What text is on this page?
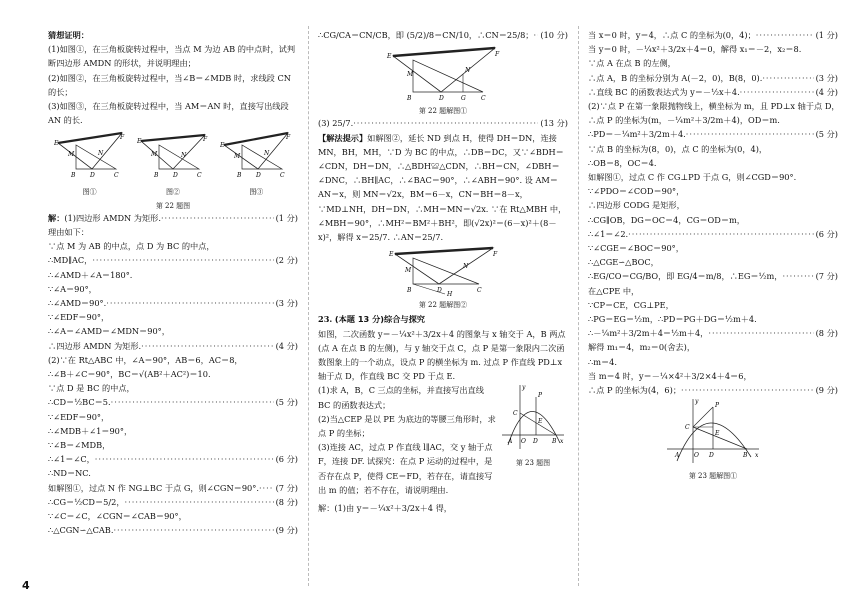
猜想证明：
(1)如图①，在三角板旋转过程中，当点 M 为边 AB 的中点时，试判断四边形 AMDN 的形状，并说明理由；
(2)如图②，在三角板旋转过程中，当∠B＝∠MDB 时，求线段 CN 的长；
(3)如图③，在三角板旋转过程中，当 AM＝AN 时，直接写出线段 AN 的长.
E
F
M	N
B D	C
图①
E	F
M	N
B D	C
图②
E
F
M	N
B D	C
图③
第 22 题图
解：(1)四边形 AMDN 为矩形. ·····	(1 分)
理由如下：
∵点 M 为 AB 的中点，点 D 为 BC 的中点，
∴MD∥AC， ·····	(2 分)
∴∠AMD＋∠A＝180°.
∵∠A＝90°，
∴∠AMD＝90°. ·····	(3 分)
∵∠EDF＝90°，
∴∠A＝∠AMD＝∠MDN＝90°，
∴四边形 AMDN 为矩形. ·····	(4 分)
(2)∵在 Rt△ABC 中，∠A＝90°，AB＝6，AC＝8，
∴∠B＋∠C＝90°，BC＝√(AB²＋AC²)＝10.
∵点 D 是 BC 的中点，
∴CD＝½BC＝5. ·····	(5 分)
∵∠EDF＝90°，
∴∠MDB＋∠1＝90°，
∵∠B＝∠MDB，
∴∠1＝∠C， ·····	(6 分)
∴ND＝NC.
如解图①，过点 N 作 NG⊥BC 于点 G，则∠CGN＝90°. ····· (7 分)
∴CG＝½CD＝5/2， ·····	(8 分)
∵∠C＝∠C，∠CGN＝∠CAB＝90°，
∴△CGN∽△CAB. ·····	(9 分)
∴CG/CA＝CN/CB，即 (5/2)/8＝CN/10，∴CN＝25/8； ····· (10 分)
E	F
M
N
B	D	G	C
第 22 题解图①
(3) 25/7. ·····	(13 分)
【解法提示】如解图②，延长 ND 到点 H，使得 DH＝DN，连接 MN，BH，MH，∵D 为 BC 的中点，∴DB＝DC，又∵∠BDH＝∠CDN，DH＝DN，∴△BDH≌△CDN，∴BH＝CN，∠DBH＝∠DNC，∴BH∥AC，∴∠BAC＝90°，∴∠ABH＝90°. 设 AM＝AN＝x，则 MN＝√2x，BM＝6－x，CN＝BH＝8－x，∵MD⊥NH，DH＝DN，∴MH＝MN＝√2x. ∵在 Rt△MBH 中，∠MBH＝90°，∴MH²＝BM²＋BH²，即(√2x)²＝(6－x)²＋(8－x)²，解得 x＝25/7. ∴AN＝25/7.
E	F
M
N
B	D	C
H
第 22 题解图②
23. (本题 13 分)综合与探究
如图，二次函数 y＝－¼x²＋3/2x＋4 的图象与 x 轴交于 A，B 两点(点 A 在点 B 的左侧)，与 y 轴交于点 C，点 P 是第一象限内二次函数图象上的一个动点，设点 P 的横坐标为 m. 过点 P 作直线 PD⊥x 轴于点 D，作直线 BC 交 PD 于点 E.
(1)求 A，B，C 三点的坐标，并直接写出直线 BC 的函数表达式；
(2)当△CEP 是以 PE 为底边的等腰三角形时，求点 P 的坐标；
(3)连接 AC，过点 P 作直线 l∥AC，交 y 轴于点 F，连接 DF. 试探究：在点 P 运动的过程中，是否存在点 P，使得 CE＝FD，若存在，请直接写出 m 的值；若不存在，请说明理由.
y
x
A O D B
C
P
E
第 23 题图
解：(1)由 y＝－¼x²＋3/2x＋4 得，
当 x＝0 时，y＝4，∴点 C 的坐标为(0，4)； ·····	(1 分)
当 y＝0 时，－¼x²＋3/2x＋4＝0，解得 x₁＝－2，x₂＝8.
∵点 A 在点 B 的左侧，
∴点 A，B 的坐标分别为 A(－2，0)，B(8，0). ·····	(3 分)
∴直线 BC 的函数表达式为 y＝－½x＋4. ·····	(4 分)
(2)∵点 P 在第一象限抛物线上，横坐标为 m，且 PD⊥x 轴于点 D，
∴点 P 的坐标为(m，－¼m²＋3/2m＋4)，OD＝m.
∴PD＝－¼m²＋3/2m＋4. ·····	(5 分)
∵点 B 的坐标为(8，0)，点 C 的坐标为(0，4)，
∴OB＝8，OC＝4.
如解图①，过点 C 作 CG⊥PD 于点 G，则∠CGD＝90°.
∵∠PDO＝∠COD＝90°，
∴四边形 CODG 是矩形，
∴CG∥OB，DG＝OC＝4，CG＝OD＝m，
∴∠1＝∠2. ·····	(6 分)
∵∠CGE＝∠BOC＝90°，
∴△CGE∽△BOC，
∴EG/CO＝CG/BO，即 EG/4＝m/8，∴EG＝½m， ·····	(7 分)
在△CPE 中，
∵CP＝CE，CG⊥PE，
∴PG＝EG＝½m，∴PD＝PG＋DG＝½m＋4.
∴－¼m²＋3/2m＋4＝½m＋4， ·····	(8 分)
解得 m₁＝4，m₂＝0(舍去)，
∴m＝4.
当 m＝4 时，y＝－¼×4²＋3/2×4＋4＝6，
∴点 P 的坐标为(4，6)； ·····	(9 分)
y
x
A O D	B
C
P
E
第 23 题解图①
4
